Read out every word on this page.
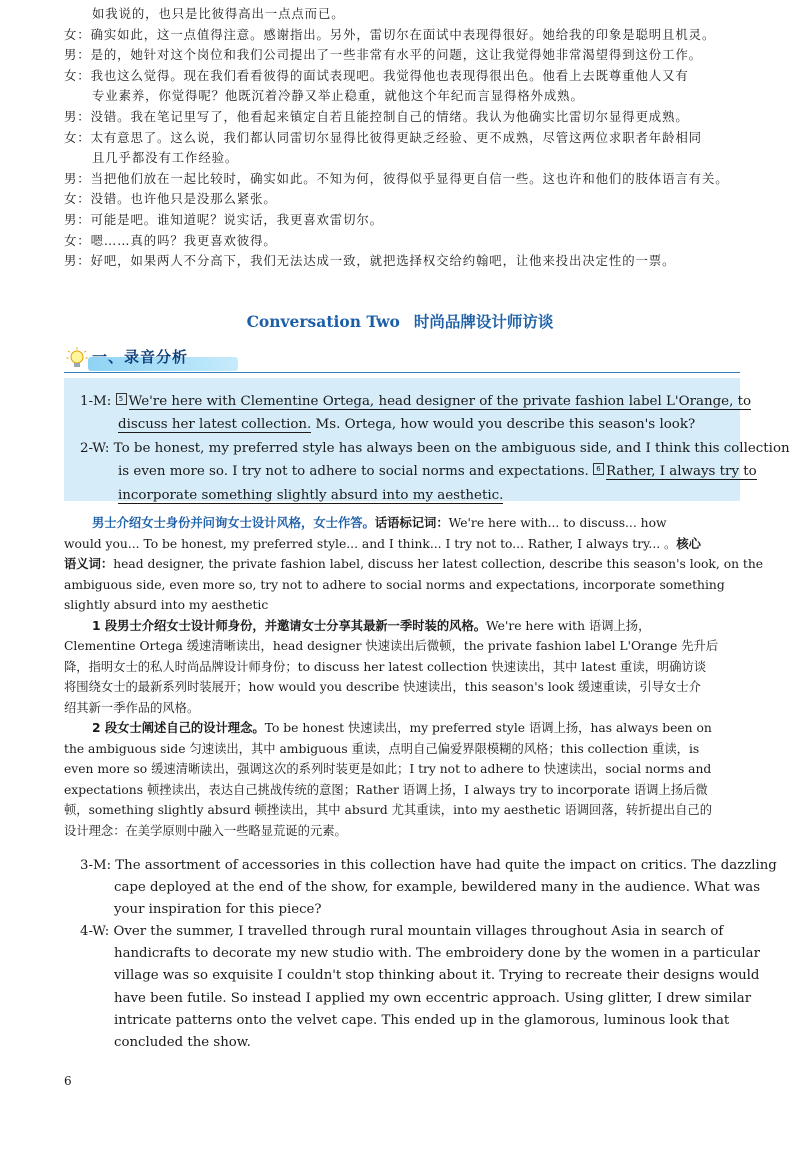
如我说的，也只是比彼得高出一点点而已。
女：确实如此，这一点值得注意。感谢指出。另外，雷切尔在面试中表现得很好。她给我的印象是聪明且机灵。
男：是的，她针对这个岗位和我们公司提出了一些非常有水平的问题，这让我觉得她非常渴望得到这份工作。
女：我也这么觉得。现在我们看看彼得的面试表现吧。我觉得他也表现得很出色。他看上去既尊重他人又有
专业素养，你觉得呢？他既沉着冷静又举止稳重，就他这个年纪而言显得格外成熟。
男：没错。我在笔记里写了，他看起来镇定自若且能控制自己的情绪。我认为他确实比雷切尔显得更成熟。
女：太有意思了。这么说，我们都认同雷切尔显得比彼得更缺乏经验、更不成熟，尽管这两位求职者年龄相同
且几乎都没有工作经验。
男：当把他们放在一起比较时，确实如此。不知为何，彼得似乎显得更自信一些。这也许和他们的肢体语言有关。
女：没错。也许他只是没那么紧张。
男：可能是吧。谁知道呢？说实话，我更喜欢雷切尔。
女：嗯……真的吗？我更喜欢彼得。
男：好吧，如果两人不分高下，我们无法达成一致，就把选择权交给约翰吧，让他来投出决定性的一票。
Conversation Two 时尚品牌设计师访谈
一、录音分析
1-M: 5 We're here with Clementine Ortega, head designer of the private fashion label L'Orange, to
discuss her latest collection. Ms. Ortega, how would you describe this season's look?
2-W: To be honest, my preferred style has always been on the ambiguous side, and I think this collection
is even more so. I try not to adhere to social norms and expectations. 6 Rather, I always try to
incorporate something slightly absurd into my aesthetic.
男士介绍女士身份并问询女士设计风格，女士作答。话语标记词：We're here with... to discuss... how
would you... To be honest, my preferred style... and I think... I try not to... Rather, I always try... 。核心
语义词：head designer, the private fashion label, discuss her latest collection, describe this season's look, on the
ambiguous side, even more so, try not to adhere to social norms and expectations, incorporate something
slightly absurd into my aesthetic
1 段男士介绍女士设计师身份，并邀请女士分享其最新一季时装的风格。We're here with 语调上扬，
Clementine Ortega 缓速清晰读出，head designer 快速读出后微顿，the private fashion label L'Orange 先升后
降，指明女士的私人时尚品牌设计师身份；to discuss her latest collection 快速读出，其中 latest 重读，明确访谈
将围绕女士的最新系列时装展开；how would you describe 快速读出，this season's look 缓速重读，引导女士介
绍其新一季作品的风格。
2 段女士阐述自己的设计理念。To be honest 快速读出，my preferred style 语调上扬，has always been on
the ambiguous side 匀速读出，其中 ambiguous 重读，点明自己偏爱界限模糊的风格；this collection 重读，is
even more so 缓速清晰读出，强调这次的系列时装更是如此；I try not to adhere to 快速读出，social norms and
expectations 顿挫读出，表达自己挑战传统的意图；Rather 语调上扬，I always try to incorporate 语调上扬后微
顿，something slightly absurd 顿挫读出，其中 absurd 尤其重读，into my aesthetic 语调回落，转折提出自己的
设计理念：在美学原则中融入一些略显荒诞的元素。
3-M: The assortment of accessories in this collection have had quite the impact on critics. The dazzling
cape deployed at the end of the show, for example, bewildered many in the audience. What was
your inspiration for this piece?
4-W: Over the summer, I travelled through rural mountain villages throughout Asia in search of
handicrafts to decorate my new studio with. The embroidery done by the women in a particular
village was so exquisite I couldn't stop thinking about it. Trying to recreate their designs would
have been futile. So instead I applied my own eccentric approach. Using glitter, I drew similar
intricate patterns onto the velvet cape. This ended up in the glamorous, luminous look that
concluded the show.
6
